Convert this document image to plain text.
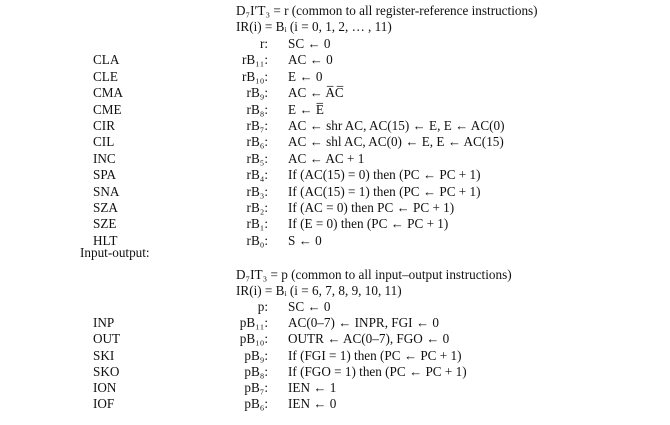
D₇I′T₃ = r (common to all register-reference instructions)
IR(i) = Bᵢ (i = 0, 1, 2, … , 11)
r: SC ← 0
CLA	rB₁₁: AC ← 0
CLE	rB₁₀: E ← 0
CMA	rB₉: AC ← A̅C̅
CME	rB₈: E ← E̅
CIR	rB₇: AC ← shr AC, AC(15) ← E, E ← AC(0)
CIL	rB₆: AC ← shl AC, AC(0) ← E, E ← AC(15)
INC	rB₅: AC ← AC + 1
SPA	rB₄: If (AC(15) = 0) then (PC ← PC + 1)
SNA	rB₃: If (AC(15) = 1) then (PC ← PC + 1)
SZA	rB₂: If (AC = 0) then PC ← PC + 1)
SZE	rB₁: If (E = 0) then (PC ← PC + 1)
HLT	rB₀: S ← 0
Input-output:
D₇IT₃ = p (common to all input–output instructions)
IR(i) = Bᵢ (i = 6, 7, 8, 9, 10, 11)
p: SC ← 0
INP	pB₁₁: AC(0–7) ← INPR, FGI ← 0
OUT	pB₁₀: OUTR ← AC(0–7), FGO ← 0
SKI	pB₉: If (FGI = 1) then (PC ← PC + 1)
SKO	pB₈: If (FGO = 1) then (PC ← PC + 1)
ION	pB₇: IEN ← 1
IOF	pB₆: IEN ← 0
